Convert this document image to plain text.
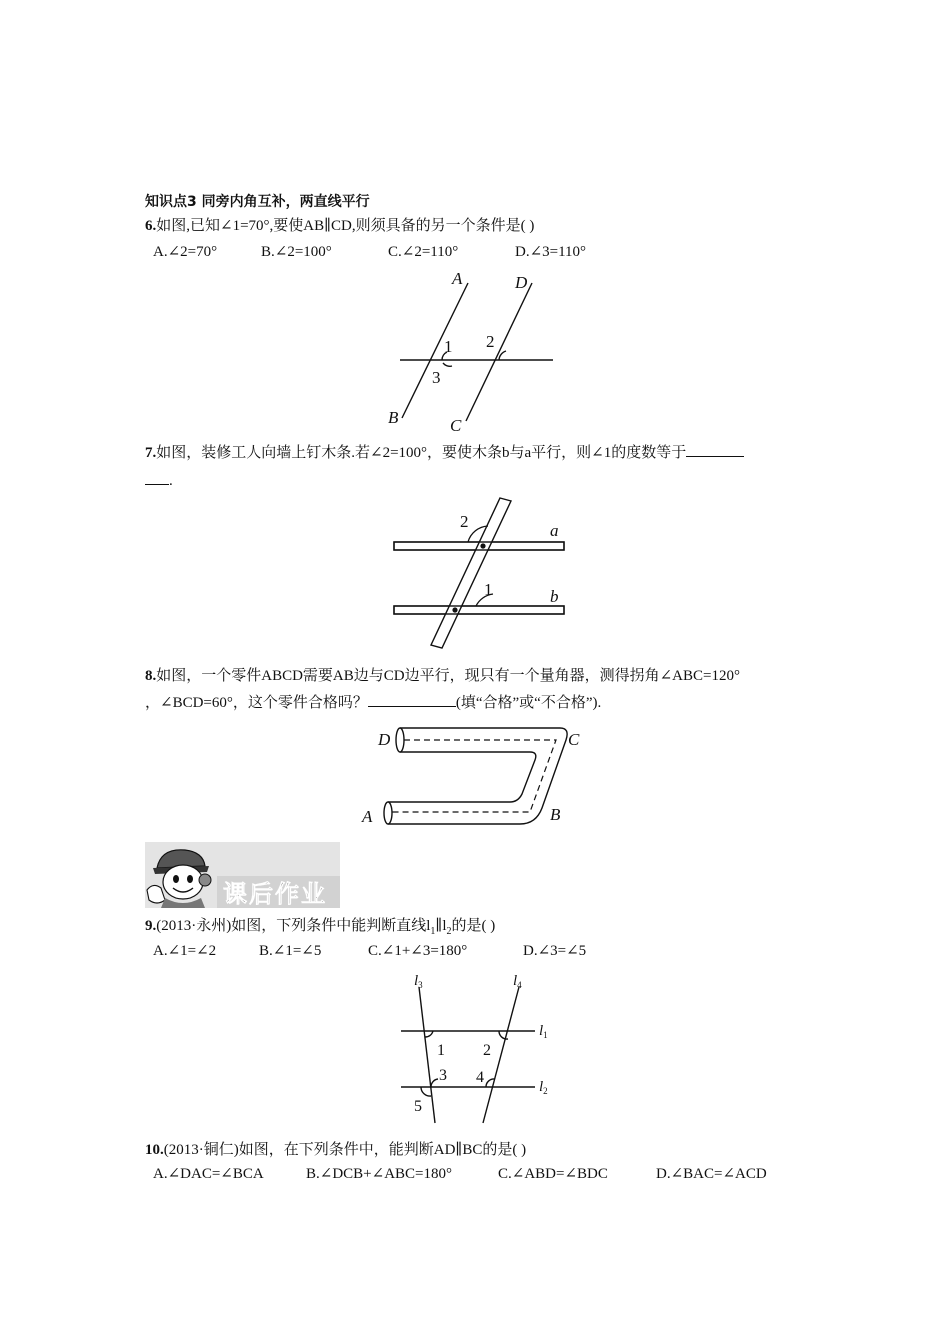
知识点3 同旁内角互补，两直线平行
6.如图,已知∠1=70°,要使AB∥CD,则须具备的另一个条件是( )
A.∠2=70°	B.∠2=100°	C.∠2=110°	D.∠3=110°
A	D
B	C
1 2
3
7.如图，装修工人向墙上钉木条.若∠2=100°，要使木条b与a平行，则∠1的度数等于
.
2
1
a
b
8.如图，一个零件ABCD需要AB边与CD边平行，现只有一个量角器，测得拐角∠ABC=120°
，∠BCD=60°，这个零件合格吗？	(填“合格”或“不合格”).
D	C
A	B
课后作业
9.(2013·永州)如图，下列条件中能判断直线$l_1\parallel l_2$的是( )
A.∠1=∠2	B.∠1=∠5	C.∠1+∠3=180°	D.∠3=∠5
1 2
3 4
5
$l_3$	$l_4$
$l_1$
$l_2$
10.(2013·铜仁)如图，在下列条件中，能判断AD∥BC的是( )
A.∠DAC=∠BCA	B.∠DCB+∠ABC=180°	C.∠ABD=∠BDC	D.∠BAC=∠ACD
